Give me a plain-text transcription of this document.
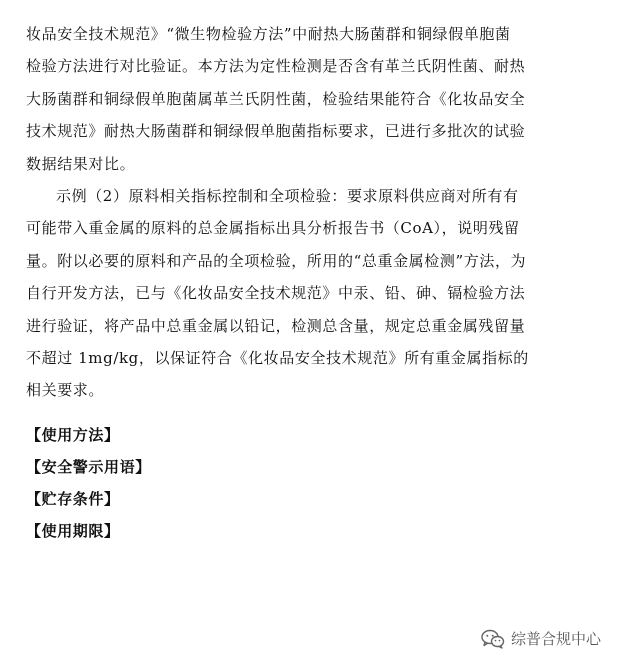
妆品安全技术规范》“微生物检验方法”中耐热大肠菌群和铜绿假单胞菌
检验方法进行对比验证。本方法为定性检测是否含有革兰氏阴性菌、耐热
大肠菌群和铜绿假单胞菌属革兰氏阴性菌，检验结果能符合《化妆品安全
技术规范》耐热大肠菌群和铜绿假单胞菌指标要求，已进行多批次的试验
数据结果对比。
示例（2）原料相关指标控制和全项检验：要求原料供应商对所有有
可能带入重金属的原料的总金属指标出具分析报告书（CoA），说明残留
量。附以必要的原料和产品的全项检验，所用的“总重金属检测”方法，为
自行开发方法，已与《化妆品安全技术规范》中汞、铅、砷、镉检验方法
进行验证，将产品中总重金属以铅记，检测总含量，规定总重金属残留量
不超过 1mg/kg，以保证符合《化妆品安全技术规范》所有重金属指标的
相关要求。

【使用方法】

【安全警示用语】

【贮存条件】

【使用期限】

综普合规中心
